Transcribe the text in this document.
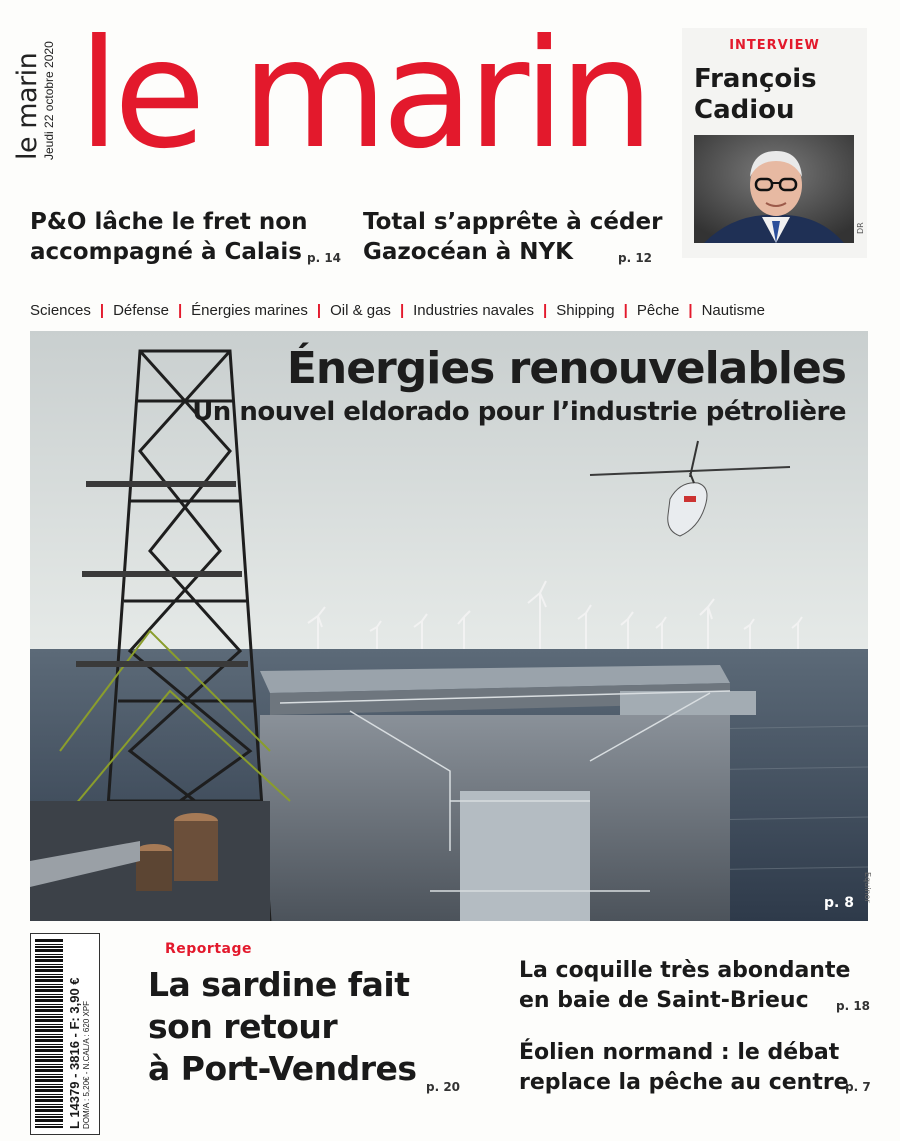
le marin Jeudi 22 octobre 2020 le marin	INTERVIEW
François
Cadiou
DR
P&O lâche le fret non
accompagné à Calais p. 14
Total s’apprête à céder
Gazocéan à NYK	p. 12
Sciences | Défense | Énergies marines | Oil & gas | Industries navales | Shipping | Pêche | Nautisme
Énergies renouvelables
Un nouvel eldorado pour l’industrie pétrolière
p. 8
Equinor
L 14379 - 3816 - F: 3,90 € DOM/A : 5,20€ - N.CAL/A : 620 XPF
Reportage
La sardine fait
son retour
à Port-Vendres p. 20
La coquille très abondante
en baie de Saint-Brieuc	p. 18
Éolien normand : le débat
replace la pêche au centre
p. 7
